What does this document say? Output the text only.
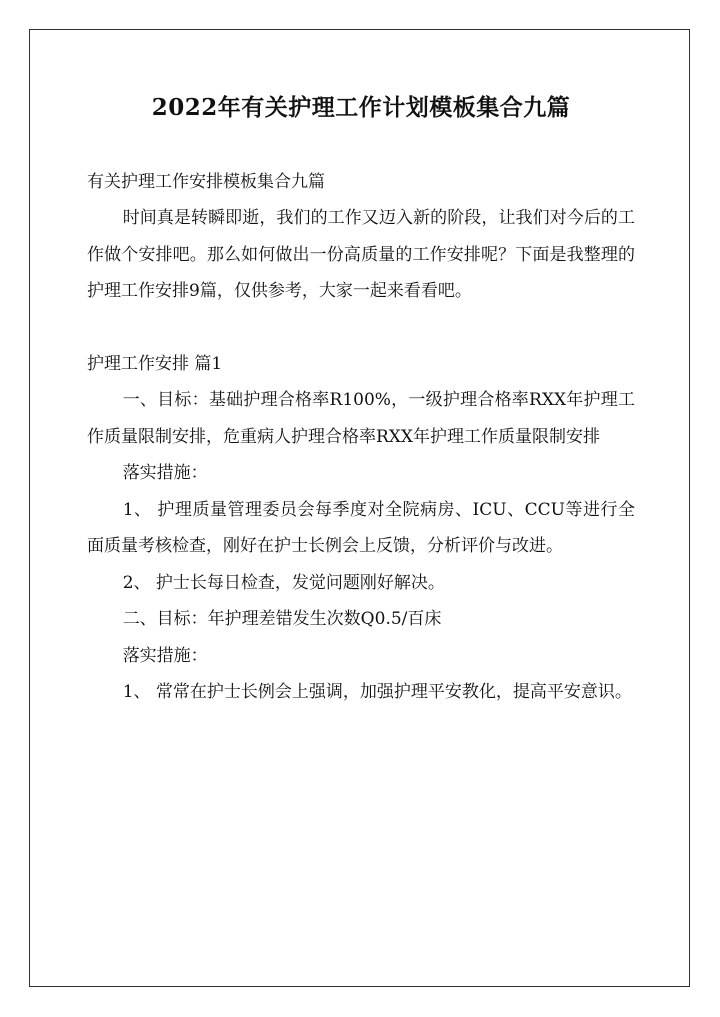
2022年有关护理工作计划模板集合九篇
有关护理工作安排模板集合九篇

时间真是转瞬即逝，我们的工作又迈入新的阶段，让我们对今后的工作做个安排吧。那么如何做出一份高质量的工作安排呢？下面是我整理的护理工作安排9篇，仅供参考，大家一起来看看吧。

护理工作安排 篇1

一、目标：基础护理合格率R100%，一级护理合格率RXX年护理工作质量限制安排，危重病人护理合格率RXX年护理工作质量限制安排

落实措施：

1、 护理质量管理委员会每季度对全院病房、ICU、CCU等进行全面质量考核检查，刚好在护士长例会上反馈，分析评价与改进。

2、 护士长每日检查，发觉问题刚好解决。

二、目标：年护理差错发生次数Q0.5/百床

落实措施：

1、 常常在护士长例会上强调，加强护理平安教化，提高平安意识。
